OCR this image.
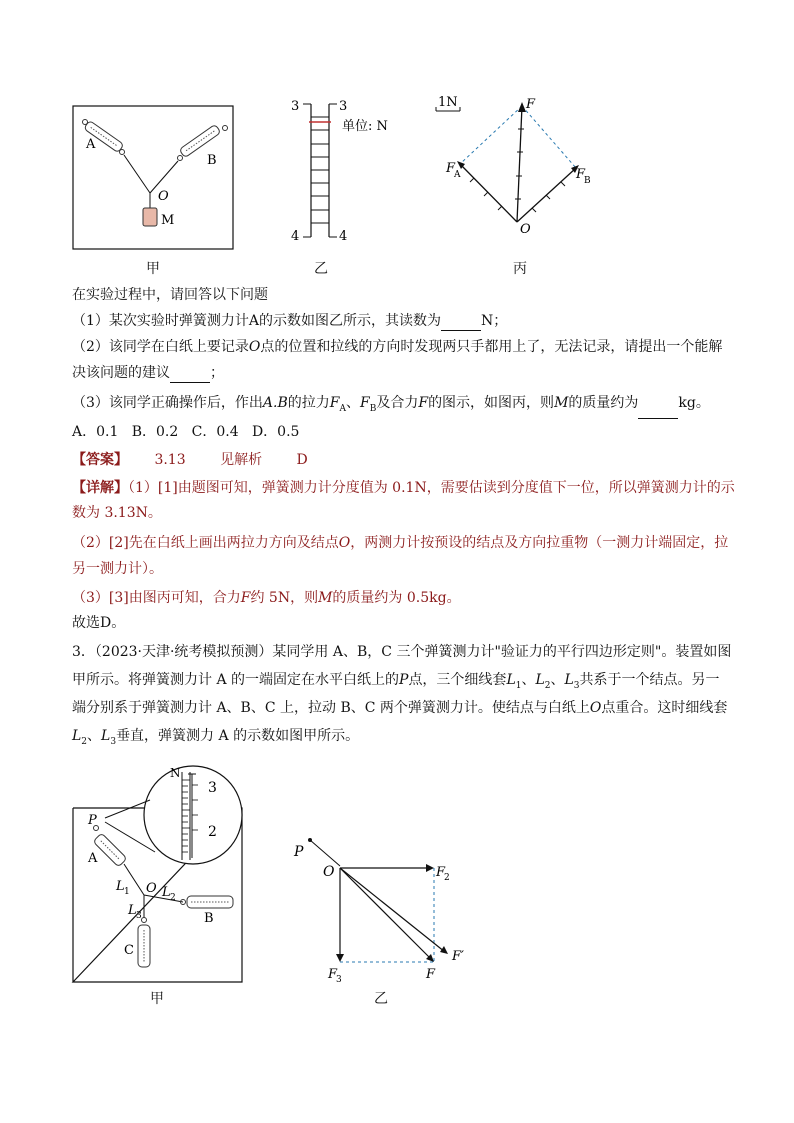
A
B
O
M
甲
3	3
4	4
单位: N
乙
1N	F
F
A	F
B
O
丙
在实验过程中，请回答以下问题
（1）某次实验时弹簧测力计A的示数如图乙所示，其读数为	N；
（2）该同学在白纸上要记录O点的位置和拉线的方向时发现两只手都用上了，无法记录，请提出一个能解
决该问题的建议	；
（3）该同学正确操作后，作出A.B的拉力$F_A$、$F_B$及合力F的图示，如图丙，则M的质量约为	kg。
A．0.1   B．0.2   C．0.4   D．0.5
【答案】 3.13 见解析 D
【详解】（1）[1]由题图可知，弹簧测力计分度值为 0.1N，需要估读到分度值下一位，所以弹簧测力计的示
数为 3.13N。
（2）[2]先在白纸上画出两拉力方向及结点O，两测力计按预设的结点及方向拉重物（一测力计端固定，拉
另一测力计）。
（3）[3]由图丙可知，合力F约 5N，则M的质量约为 0.5kg。
故选D。
3．（2023·天津·统考模拟预测）某同学用 A、B，C 三个弹簧测力计"验证力的平行四边形定则"。装置如图
甲所示。将弹簧测力计 A 的一端固定在水平白纸上的P点，三个细线套$L_1$、$L_2$、$L_3$共系于一个结点。另一
端分别系于弹簧测力计 A、B、C 上，拉动 B、C 两个弹簧测力计。使结点与白纸上O点重合。这时细线套
$L_2$、$L_3$垂直，弹簧测力 A 的示数如图甲所示。
N
3
2
P
A
L 1 L 2
L 3
O
B
C
甲
P
O	F
2
F
3	F
F′
乙
